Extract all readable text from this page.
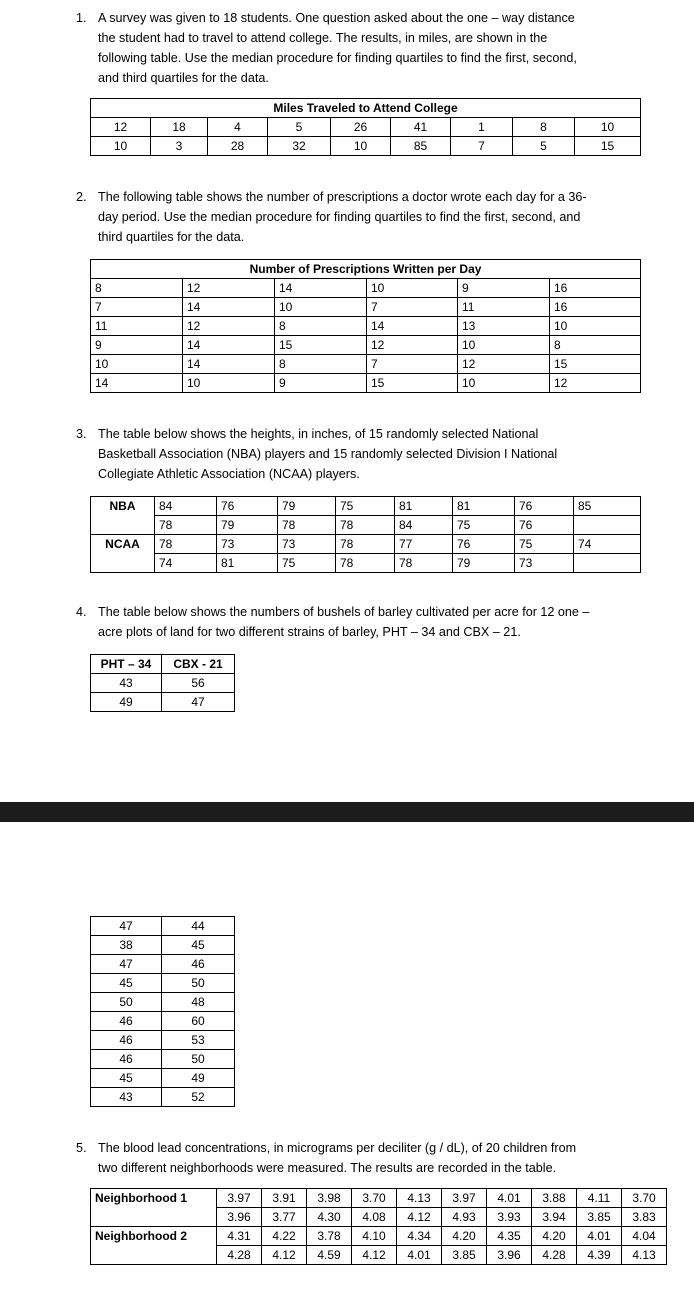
1. A survey was given to 18 students. One question asked about the one – way distance
the student had to travel to attend college. The results, in miles, are shown in the
following table. Use the median procedure for finding quartiles to find the first, second,
and third quartiles for the data.
Miles Traveled to Attend College								
12	18	4	5	26	41	1	8	10
10	3	28	32	10	85	7	5	15
2. The following table shows the number of prescriptions a doctor wrote each day for a 36-
day period. Use the median procedure for finding quartiles to find the first, second, and
third quartiles for the data.
Number of Prescriptions Written per Day					
8	12	14	10	9	16
7	14	10	7	11	16
11	12	8	14	13	10
9	14	15	12	10	8
10	14	8	7	12	15
14	10	9	15	10	12
3. The table below shows the heights, in inches, of 15 randomly selected National
Basketball Association (NBA) players and 15 randomly selected Division I National
Collegiate Athletic Association (NCAA) players.
NBA	84	76	79	75	81	81	76	85
	78	79	78	78	84	75	76	
NCAA	78	73	73	78	77	76	75	74
	74	81	75	78	78	79	73	
4. The table below shows the numbers of bushels of barley cultivated per acre for 12 one –
acre plots of land for two different strains of barley, PHT – 34 and CBX – 21.
PHT – 34	CBX - 21
43	56
49	47
47	44
38	45
47	46
45	50
50	48
46	60
46	53
46	50
45	49
43	52
5. The blood lead concentrations, in micrograms per deciliter (g / dL), of 20 children from
two different neighborhoods were measured. The results are recorded in the table.
Neighborhood 1	3.97	3.91	3.98	3.70	4.13	3.97	4.01	3.88	4.11	3.70
	3.96	3.77	4.30	4.08	4.12	4.93	3.93	3.94	3.85	3.83
Neighborhood 2	4.31	4.22	3.78	4.10	4.34	4.20	4.35	4.20	4.01	4.04
	4.28	4.12	4.59	4.12	4.01	3.85	3.96	4.28	4.39	4.13
